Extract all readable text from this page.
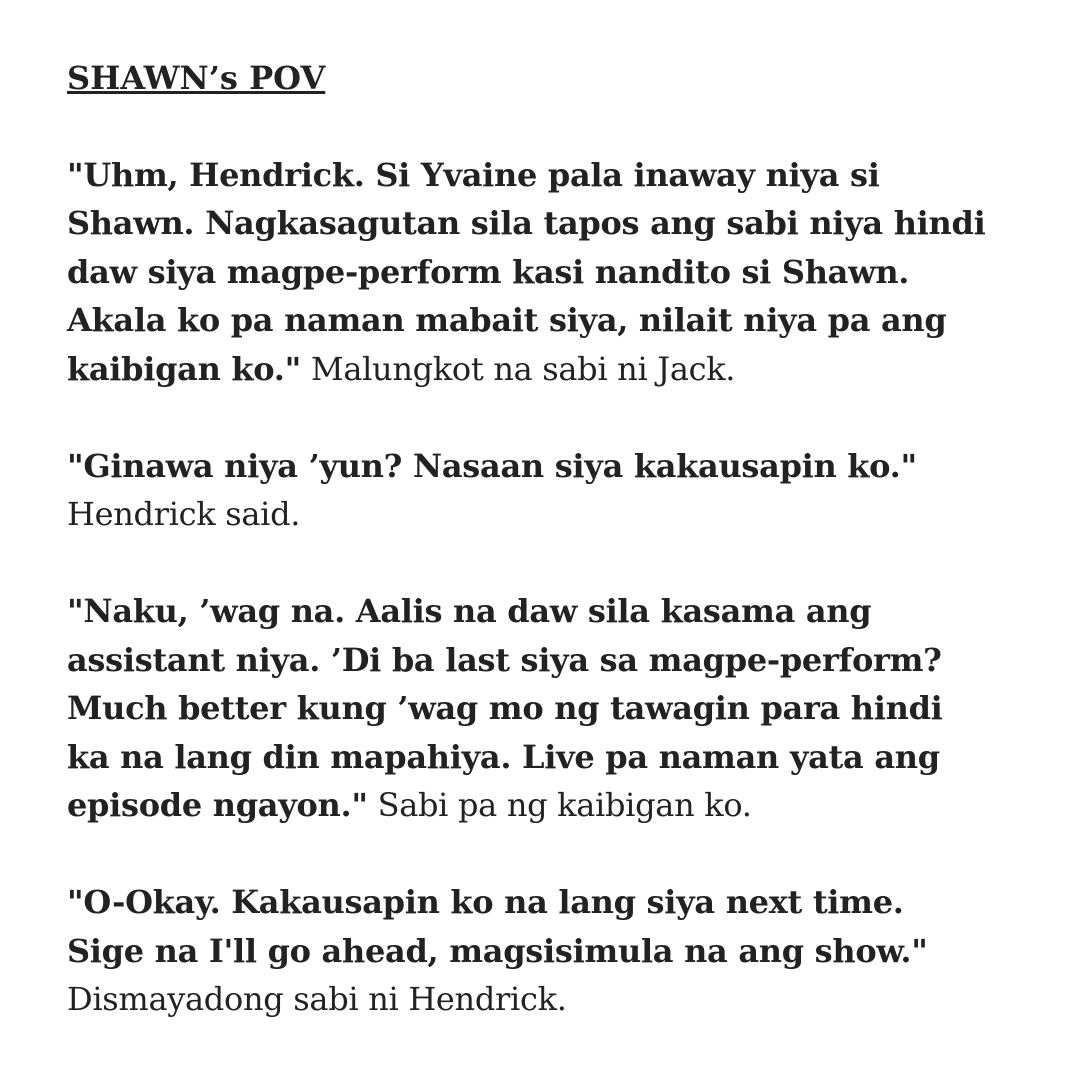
SHAWN’s POV
"Uhm, Hendrick. Si Yvaine pala inaway niya si
Shawn. Nagkasagutan sila tapos ang sabi niya hindi
daw siya magpe-perform kasi nandito si Shawn.
Akala ko pa naman mabait siya, nilait niya pa ang
kaibigan ko." Malungkot na sabi ni Jack.
"Ginawa niya ’yun? Nasaan siya kakausapin ko."
Hendrick said.
"Naku, ’wag na. Aalis na daw sila kasama ang
assistant niya. ’Di ba last siya sa magpe-perform?
Much better kung ’wag mo ng tawagin para hindi
ka na lang din mapahiya. Live pa naman yata ang
episode ngayon." Sabi pa ng kaibigan ko.
"O-Okay. Kakausapin ko na lang siya next time.
Sige na I'll go ahead, magsisimula na ang show."
Dismayadong sabi ni Hendrick.
